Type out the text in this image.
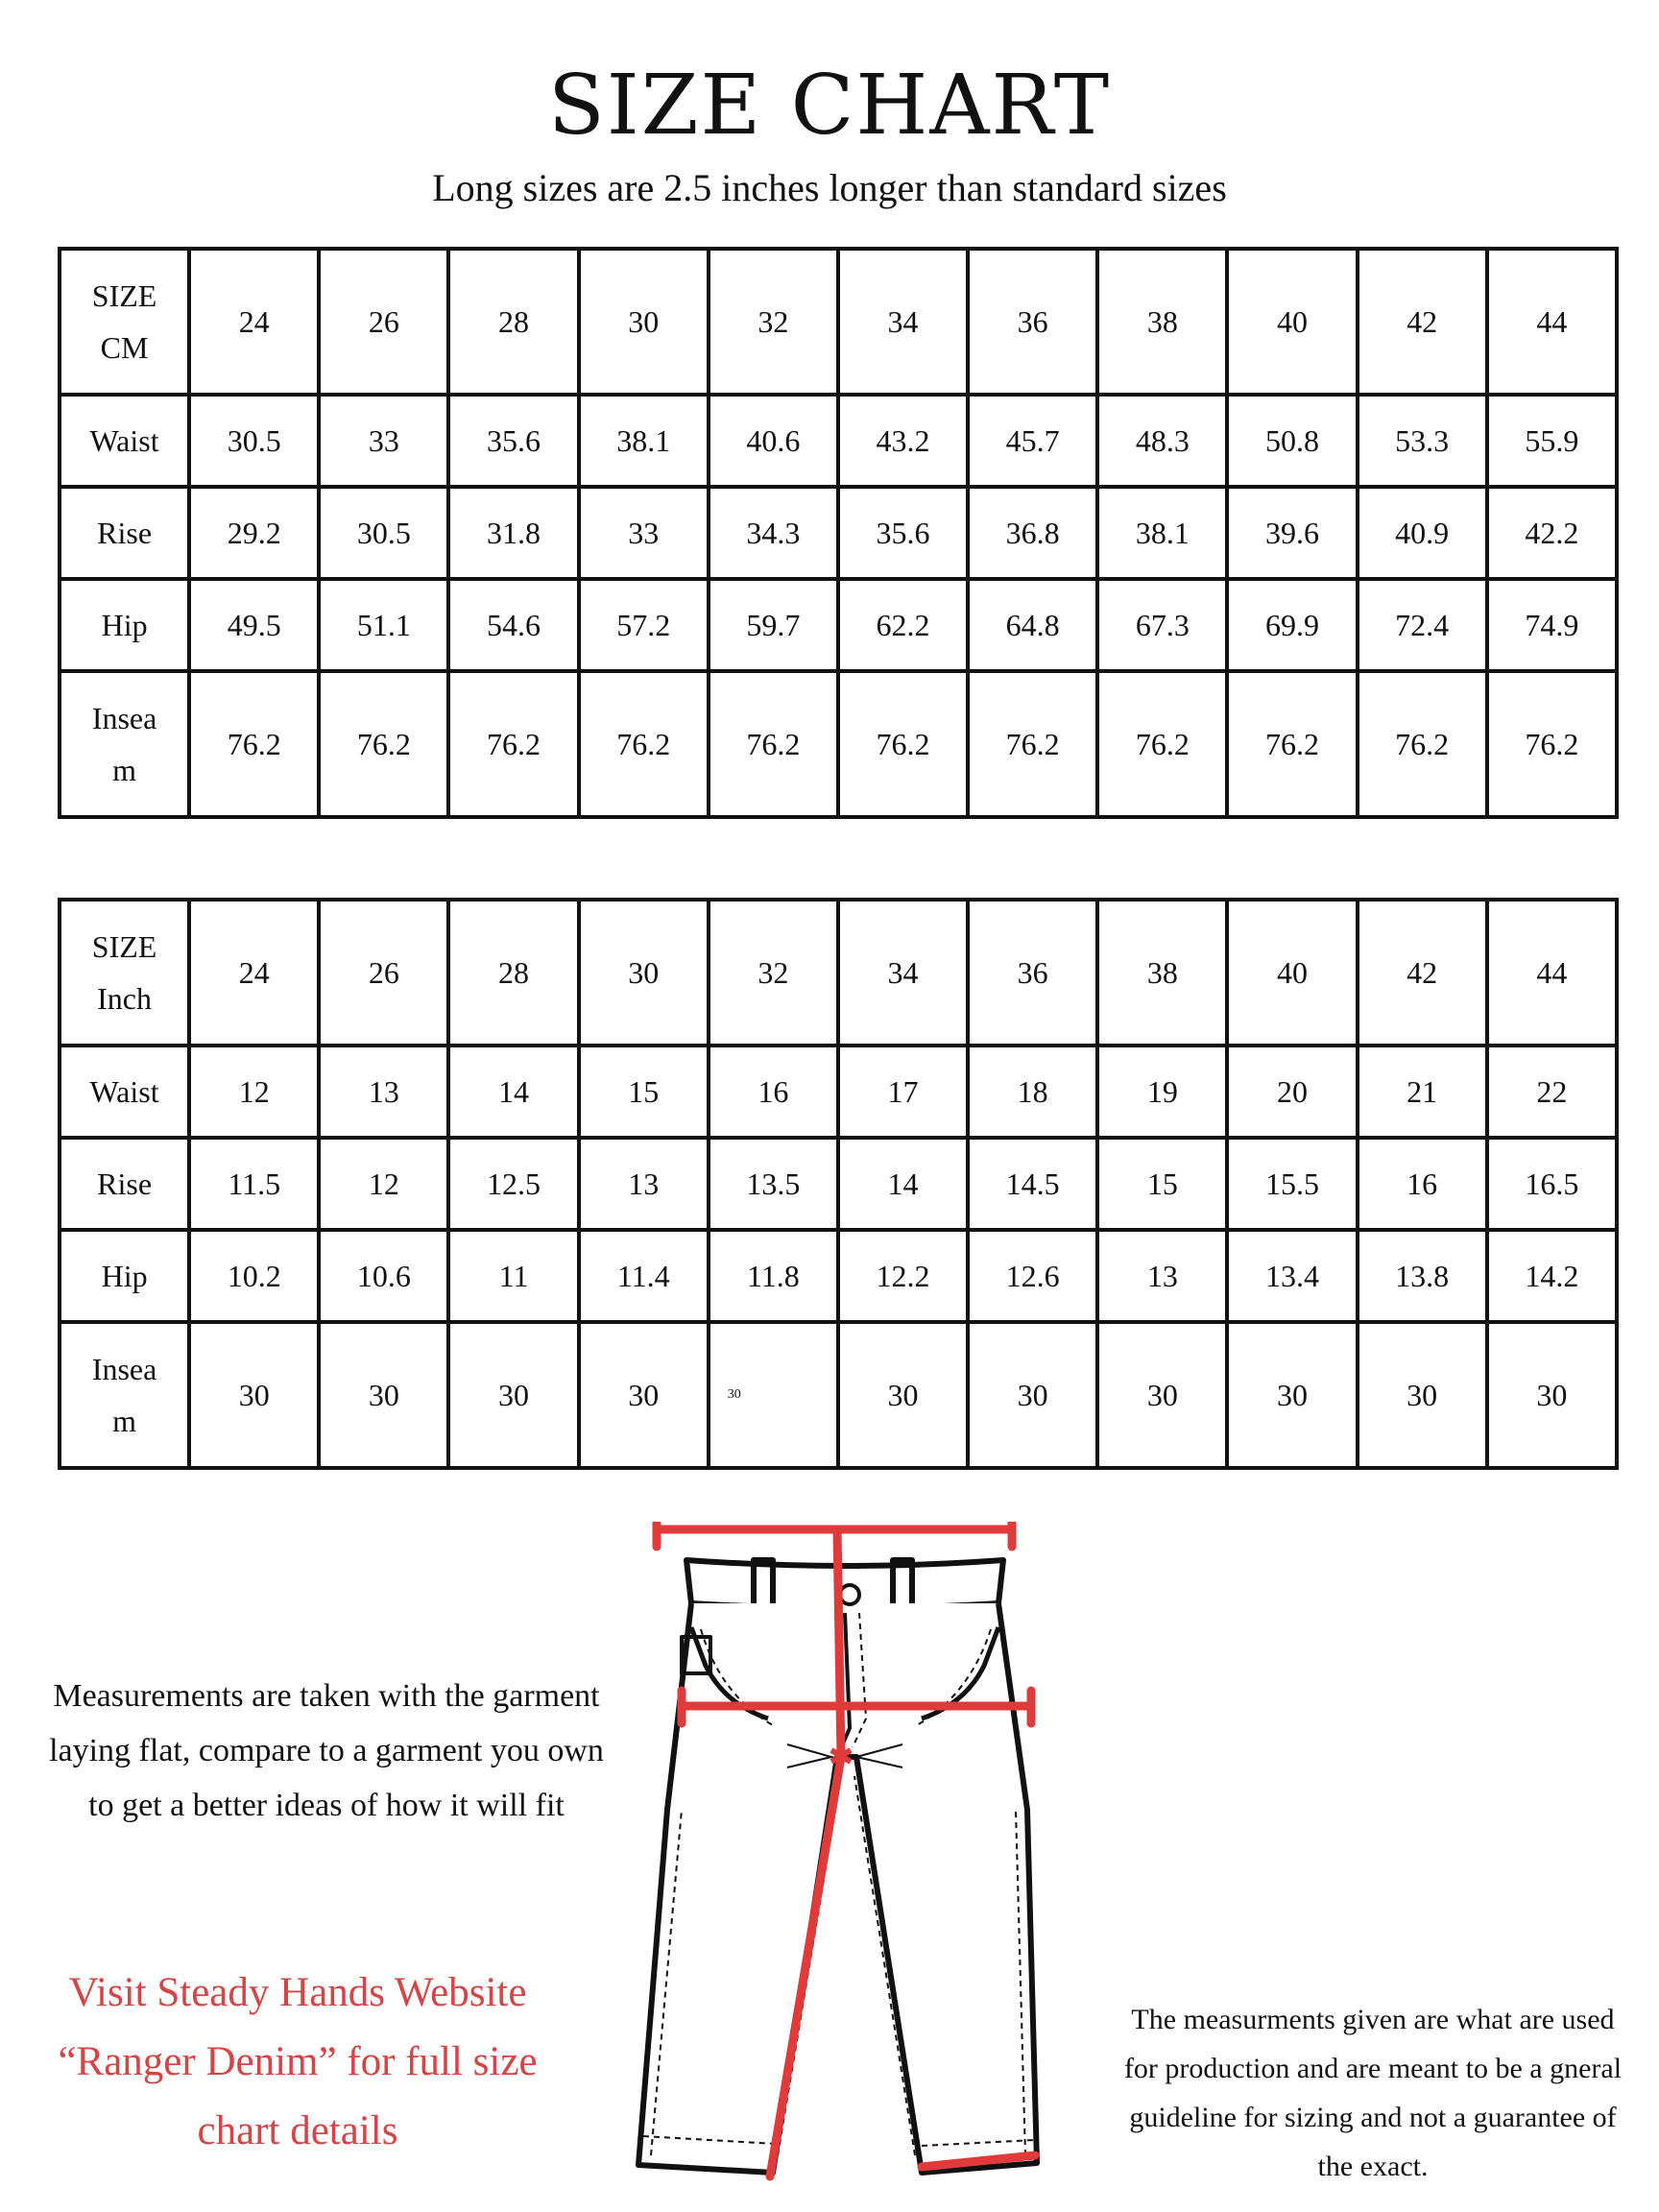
SIZE CHART
Long sizes are 2.5 inches longer than standard sizes
SIZE
CM	24	26	28	30	32	34	36	38	40	42	44
Waist	30.5	33	35.6	38.1	40.6	43.2	45.7	48.3	50.8	53.3	55.9
Rise	29.2	30.5	31.8	33	34.3	35.6	36.8	38.1	39.6	40.9	42.2
Hip	49.5	51.1	54.6	57.2	59.7	62.2	64.8	67.3	69.9	72.4	74.9
Insea
m	76.2	76.2	76.2	76.2	76.2	76.2	76.2	76.2	76.2	76.2	76.2
SIZE
Inch	24	26	28	30	32	34	36	38	40	42	44
Waist	12	13	14	15	16	17	18	19	20	21	22
Rise	11.5	12	12.5	13	13.5	14	14.5	15	15.5	16	16.5
Hip	10.2	10.6	11	11.4	11.8	12.2	12.6	13	13.4	13.8	14.2
Insea
m	30	30	30	30	30	30	30	30	30	30	30
Measurements are taken with the garment laying flat, compare to a garment you own to get a better ideas of how it will fit
Visit Steady Hands Website “Ranger Denim” for full size chart details
The measurments given are what are used for production and are meant to be a gneral guideline for sizing and not a guarantee of the exact.
